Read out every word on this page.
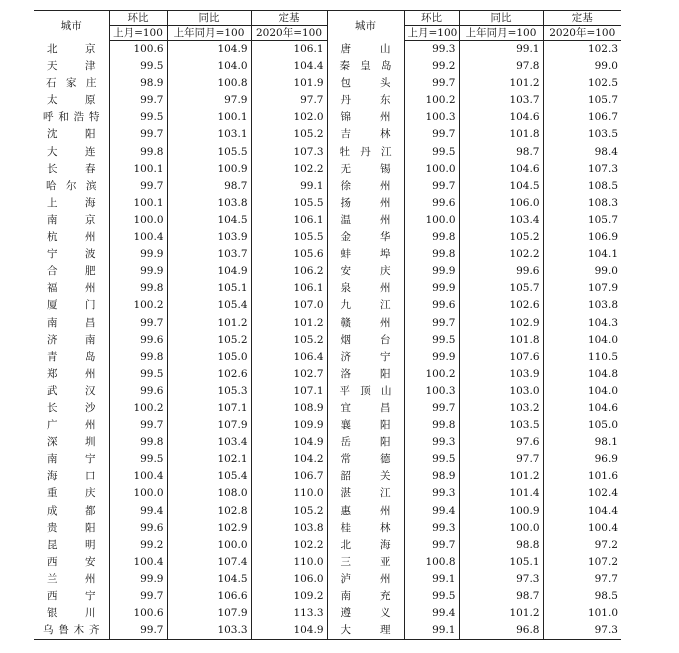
城市	环比	同比	定基	城市	环比	同比	定基
	上月=100	上年同月=100	2020年=100		上月=100	上年同月=100	2020年=100

北京	100.6	104.9	106.1	唐山	99.3	99.1	102.3

天津	99.5	104.0	104.4	秦皇岛	99.2	97.8	99.0

石家庄	98.9	100.8	101.9	包头	99.7	101.2	102.5

太原	99.7	97.9	97.7	丹东	100.2	103.7	105.7

呼和浩特	99.5	100.1	102.0	锦州	100.3	104.6	106.7

沈阳	99.7	103.1	105.2	吉林	99.7	101.8	103.5

大连	99.8	105.5	107.3	牡丹江	99.5	98.7	98.4

长春	100.1	100.9	102.2	无锡	100.0	104.6	107.3

哈尔滨	99.7	98.7	99.1	徐州	99.7	104.5	108.5

上海	100.1	103.8	105.5	扬州	99.6	106.0	108.3

南京	100.0	104.5	106.1	温州	100.0	103.4	105.7

杭州	100.4	103.9	105.5	金华	99.8	105.2	106.9

宁波	99.9	103.7	105.6	蚌埠	99.8	102.2	104.1

合肥	99.9	104.9	106.2	安庆	99.9	99.6	99.0

福州	99.8	105.1	106.1	泉州	99.9	105.7	107.9

厦门	100.2	105.4	107.0	九江	99.6	102.6	103.8

南昌	99.7	101.2	101.2	赣州	99.7	102.9	104.3

济南	99.6	105.2	105.2	烟台	99.5	101.8	104.0

青岛	99.8	105.0	106.4	济宁	99.9	107.6	110.5

郑州	99.5	102.6	102.7	洛阳	100.2	103.9	104.8

武汉	99.6	105.3	107.1	平顶山	100.3	103.0	104.0

长沙	100.2	107.1	108.9	宜昌	99.7	103.2	104.6

广州	99.7	107.9	109.9	襄阳	99.8	103.5	105.0

深圳	99.8	103.4	104.9	岳阳	99.3	97.6	98.1

南宁	99.5	102.1	104.2	常德	99.5	97.7	96.9

海口	100.4	105.4	106.7	韶关	98.9	101.2	101.6

重庆	100.0	108.0	110.0	湛江	99.3	101.4	102.4

成都	99.4	102.8	105.2	惠州	99.4	100.9	104.4

贵阳	99.6	102.9	103.8	桂林	99.3	100.0	100.4

昆明	99.2	100.0	102.2	北海	99.7	98.8	97.2

西安	100.4	107.4	110.0	三亚	100.8	105.1	107.2

兰州	99.9	104.5	106.0	泸州	99.1	97.3	97.7

西宁	99.7	106.6	109.2	南充	99.5	98.7	98.5

银川	100.6	107.9	113.3	遵义	99.4	101.2	101.0

乌鲁木齐	99.7	103.3	104.9	大理	99.1	96.8	97.3
